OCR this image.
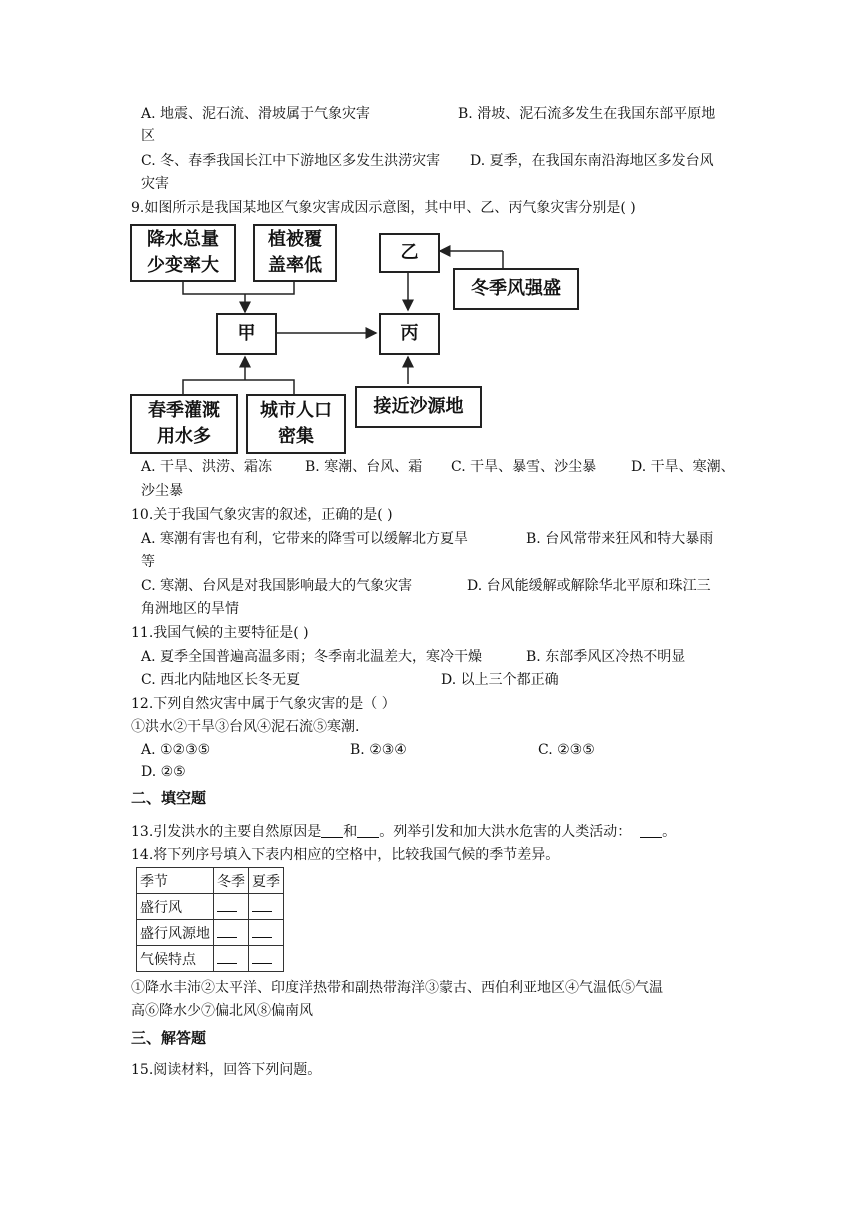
A. 地震、泥石流、滑坡属于气象灾害	B. 滑坡、泥石流多发生在我国东部平原地
区
C. 冬、春季我国长江中下游地区多发生洪涝灾害 D. 夏季，在我国东南沿海地区多发台风
灾害
9.如图所示是我国某地区气象灾害成因示意图，其中甲、乙、丙气象灾害分别是( )
降水总量
少变率大
植被覆
盖率低
甲
乙
丙
冬季风强盛
春季灌溉
用水多
城市人口
密集
接近沙源地
A. 干旱、洪涝、霜冻 B. 寒潮、台风、霜 C. 干旱、暴雪、沙尘暴 D. 干旱、寒潮、
沙尘暴
10.关于我国气象灾害的叙述，正确的是( )
A. 寒潮有害也有利，它带来的降雪可以缓解北方夏旱	B. 台风常带来狂风和特大暴雨
等
C. 寒潮、台风是对我国影响最大的气象灾害	D. 台风能缓解或解除华北平原和珠江三
角洲地区的旱情
11.我国气候的主要特征是( )
A. 夏季全国普遍高温多雨；冬季南北温差大，寒冷干燥	B. 东部季风区冷热不明显
C. 西北内陆地区长冬无夏	D. 以上三个都正确
12.下列自然灾害中属于气象灾害的是（ ）
①洪水②干旱③台风④泥石流⑤寒潮.
A. ①②③⑤	B. ②③④	C. ②③⑤
D. ②⑤
二、填空题
13.引发洪水的主要自然原因是 和 。列举引发和加大洪水危害的人类活动： 。
14.将下列序号填入下表内相应的空格中，比较我国气候的季节差异。
季节	冬季	夏季
盛行风		
盛行风源地		
气候特点		
①降水丰沛②太平洋、印度洋热带和副热带海洋③蒙古、西伯利亚地区④气温低⑤气温
高⑥降水少⑦偏北风⑧偏南风
三、解答题
15.阅读材料，回答下列问题。
